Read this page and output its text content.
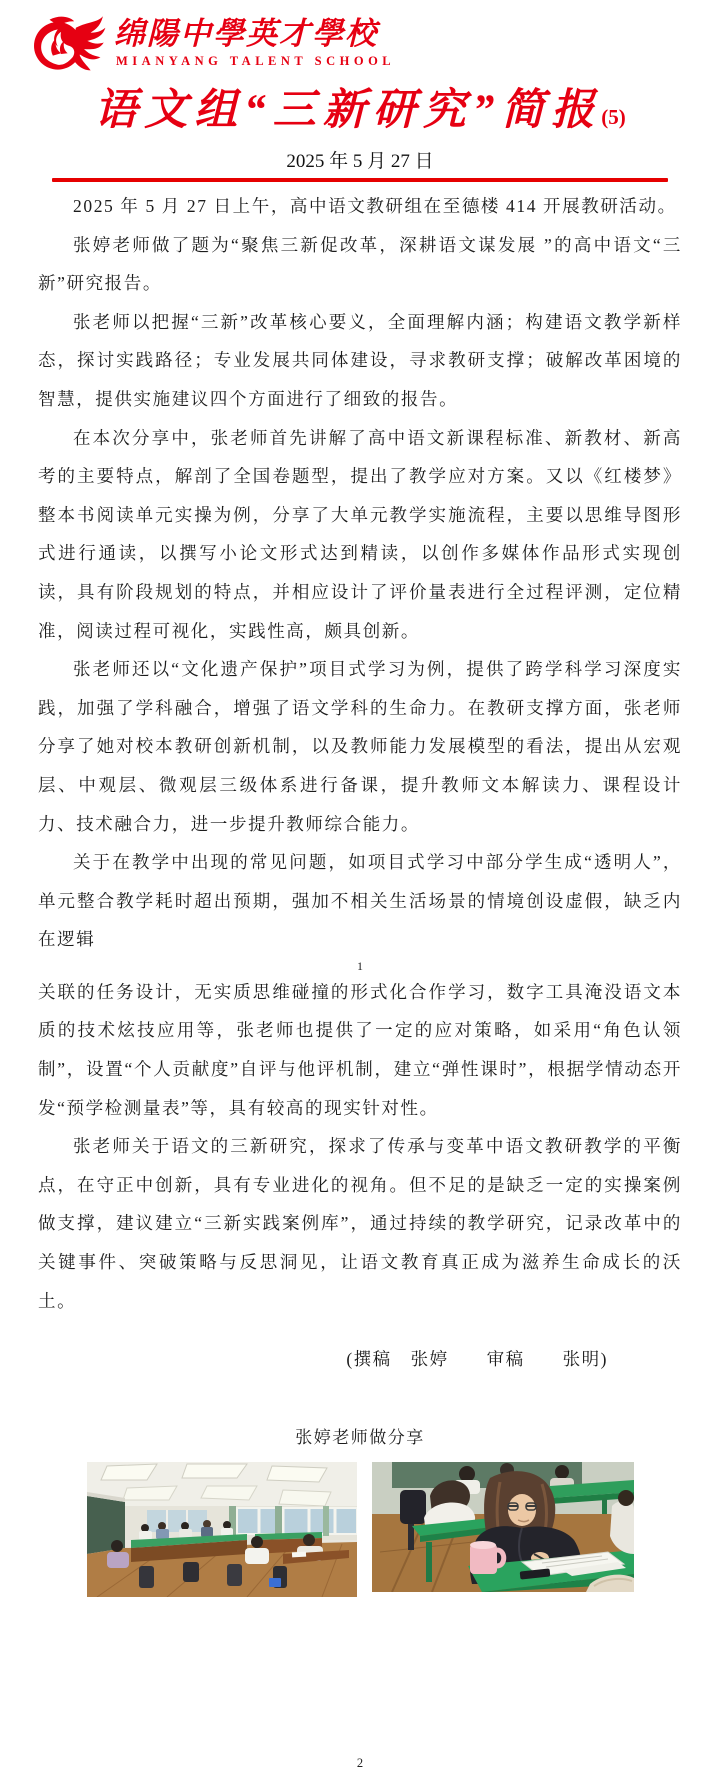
绵陽中學英才學校
MIANYANG TALENT SCHOOL
语文组“三新研究”简报(5)
2025 年 5 月 27 日

2025 年 5 月 27 日上午，高中语文教研组在至德楼 414 开展教研活动。

张婷老师做了题为“聚焦三新促改革，深耕语文谋发展 ”的高中语文“三新”研究报告。

张老师以把握“三新”改革核心要义，全面理解内涵；构建语文教学新样态，探讨实践路径；专业发展共同体建设，寻求教研支撑；破解改革困境的智慧，提供实施建议四个方面进行了细致的报告。

在本次分享中，张老师首先讲解了高中语文新课程标准、新教材、新高考的主要特点，解剖了全国卷题型，提出了教学应对方案。又以《红楼梦》整本书阅读单元实操为例，分享了大单元教学实施流程，主要以思维导图形式进行通读，以撰写小论文形式达到精读，以创作多媒体作品形式实现创读，具有阶段规划的特点，并相应设计了评价量表进行全过程评测，定位精准，阅读过程可视化，实践性高，颇具创新。

张老师还以“文化遗产保护”项目式学习为例，提供了跨学科学习深度实践，加强了学科融合，增强了语文学科的生命力。在教研支撑方面，张老师分享了她对校本教研创新机制，以及教师能力发展模型的看法，提出从宏观层、中观层、微观层三级体系进行备课，提升教师文本解读力、课程设计力、技术融合力，进一步提升教师综合能力。

关于在教学中出现的常见问题，如项目式学习中部分学生成“透明人”，单元整合教学耗时超出预期，强加不相关生活场景的情境创设虚假，缺乏内在逻辑

1

关联的任务设计，无实质思维碰撞的形式化合作学习，数字工具淹没语文本质的技术炫技应用等，张老师也提供了一定的应对策略，如采用“角色认领制”，设置“个人贡献度”自评与他评机制，建立“弹性课时”，根据学情动态开发“预学检测量表”等，具有较高的现实针对性。

张老师关于语文的三新研究，探求了传承与变革中语文教研教学的平衡点，在守正中创新，具有专业进化的视角。但不足的是缺乏一定的实操案例做支撑，建议建立“三新实践案例库”，通过持续的教学研究，记录改革中的关键事件、突破策略与反思洞见，让语文教育真正成为滋养生命成长的沃土。

(撰稿　张婷　　审稿　　张明)
张婷老师做分享
2
